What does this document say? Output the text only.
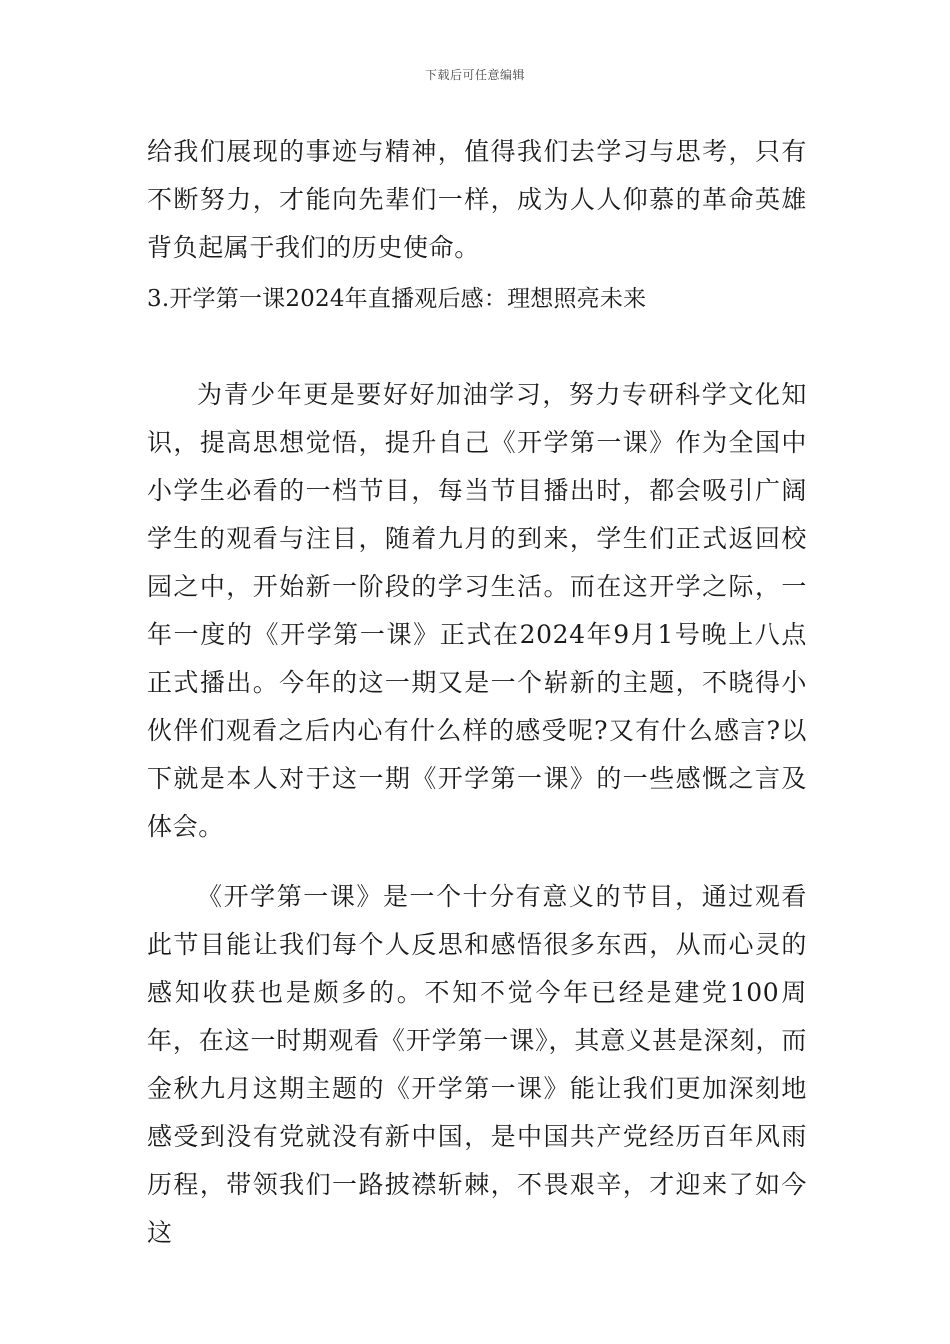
下载后可任意编辑

给我们展现的事迹与精神，值得我们去学习与思考，只有不断努力，才能向先辈们一样，成为人人仰慕的革命英雄背负起属于我们的历史使命。

3.开学第一课2024年直播观后感：理想照亮未来

为青少年更是要好好加油学习，努力专研科学文化知识，提高思想觉悟，提升自己《开学第一课》作为全国中小学生必看的一档节目，每当节目播出时，都会吸引广阔学生的观看与注目，随着九月的到来，学生们正式返回校园之中，开始新一阶段的学习生活。而在这开学之际，一年一度的《开学第一课》正式在2024年9月1号晚上八点正式播出。今年的这一期又是一个崭新的主题，不晓得小伙伴们观看之后内心有什么样的感受呢?又有什么感言?以下就是本人对于这一期《开学第一课》的一些感慨之言及体会。

《开学第一课》是一个十分有意义的节目，通过观看此节目能让我们每个人反思和感悟很多东西，从而心灵的感知收获也是颇多的。不知不觉今年已经是建党100周年，在这一时期观看《开学第一课》，其意义甚是深刻，而金秋九月这期主题的《开学第一课》能让我们更加深刻地感受到没有党就没有新中国，是中国共产党经历百年风雨历程，带领我们一路披襟斩棘，不畏艰辛，才迎来了如今这
